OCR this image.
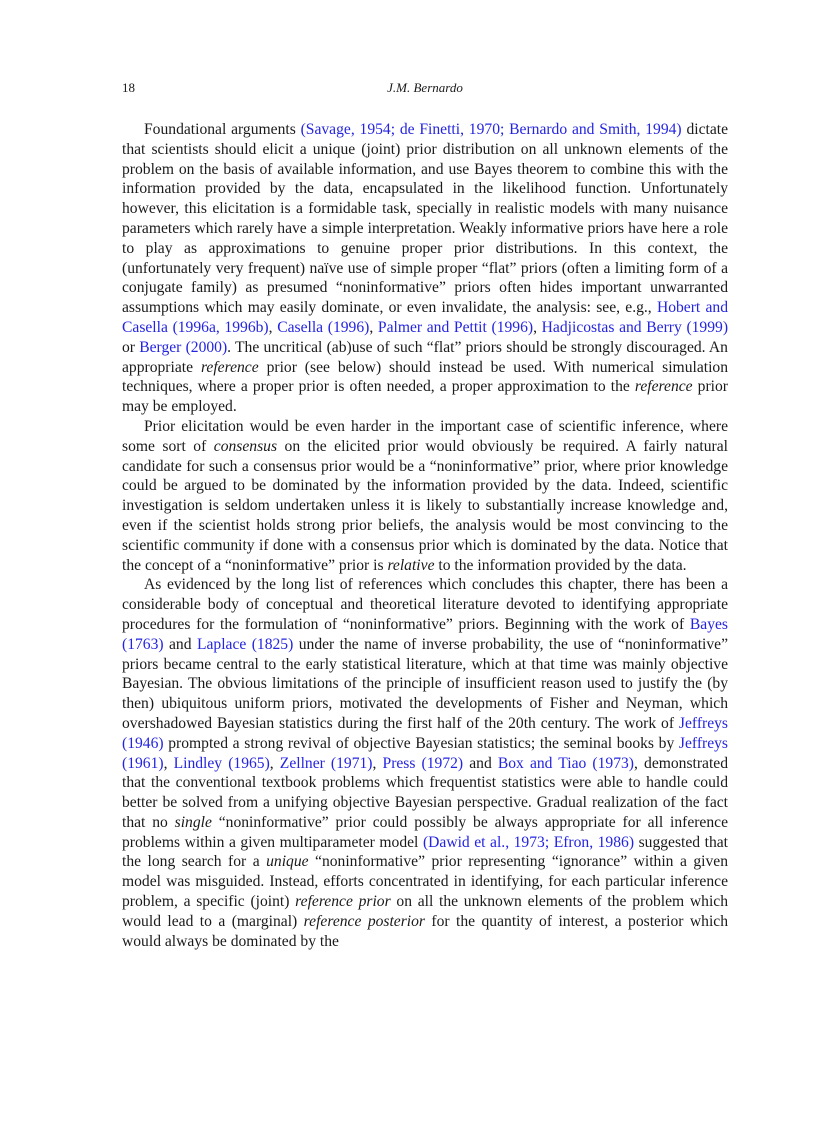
18	J.M. Bernardo

Foundational arguments (Savage, 1954; de Finetti, 1970; Bernardo and Smith, 1994) dictate that scientists should elicit a unique (joint) prior distribution on all unknown elements of the problem on the basis of available information, and use Bayes theorem to combine this with the information provided by the data, encapsulated in the likelihood function. Unfortunately however, this elicitation is a formidable task, specially in realistic models with many nuisance parameters which rarely have a simple interpretation. Weakly informative priors have here a role to play as approximations to genuine proper prior distributions. In this context, the (unfortunately very frequent) naïve use of simple proper “flat” priors (often a limiting form of a conjugate family) as presumed “noninformative” priors often hides important unwarranted assumptions which may easily dominate, or even invalidate, the analysis: see, e.g., Hobert and Casella (1996a, 1996b), Casella (1996), Palmer and Pettit (1996), Hadjicostas and Berry (1999) or Berger (2000). The uncritical (ab)use of such “flat” priors should be strongly discouraged. An appropriate reference prior (see below) should instead be used. With numerical simulation techniques, where a proper prior is often needed, a proper approximation to the reference prior may be employed.

Prior elicitation would be even harder in the important case of scientific inference, where some sort of consensus on the elicited prior would obviously be required. A fairly natural candidate for such a consensus prior would be a “noninformative” prior, where prior knowledge could be argued to be dominated by the information provided by the data. Indeed, scientific investigation is seldom undertaken unless it is likely to substantially increase knowledge and, even if the scientist holds strong prior beliefs, the analysis would be most convincing to the scientific community if done with a consensus prior which is dominated by the data. Notice that the concept of a “noninformative” prior is relative to the information provided by the data.

As evidenced by the long list of references which concludes this chapter, there has been a considerable body of conceptual and theoretical literature devoted to identifying appropriate procedures for the formulation of “noninformative” priors. Beginning with the work of Bayes (1763) and Laplace (1825) under the name of inverse probability, the use of “noninformative” priors became central to the early statistical literature, which at that time was mainly objective Bayesian. The obvious limitations of the principle of insufficient reason used to justify the (by then) ubiquitous uniform priors, motivated the developments of Fisher and Neyman, which overshadowed Bayesian statistics during the first half of the 20th century. The work of Jeffreys (1946) prompted a strong revival of objective Bayesian statistics; the seminal books by Jeffreys (1961), Lindley (1965), Zellner (1971), Press (1972) and Box and Tiao (1973), demonstrated that the conventional textbook problems which frequentist statistics were able to handle could better be solved from a unifying objective Bayesian perspective. Gradual realization of the fact that no single “noninformative” prior could possibly be always appropriate for all inference problems within a given multiparameter model (Dawid et al., 1973; Efron, 1986) suggested that the long search for a unique “noninformative” prior representing “ignorance” within a given model was misguided. Instead, efforts concentrated in identifying, for each particular inference problem, a specific (joint) reference prior on all the unknown elements of the problem which would lead to a (marginal) reference posterior for the quantity of interest, a posterior which would always be dominated by the
